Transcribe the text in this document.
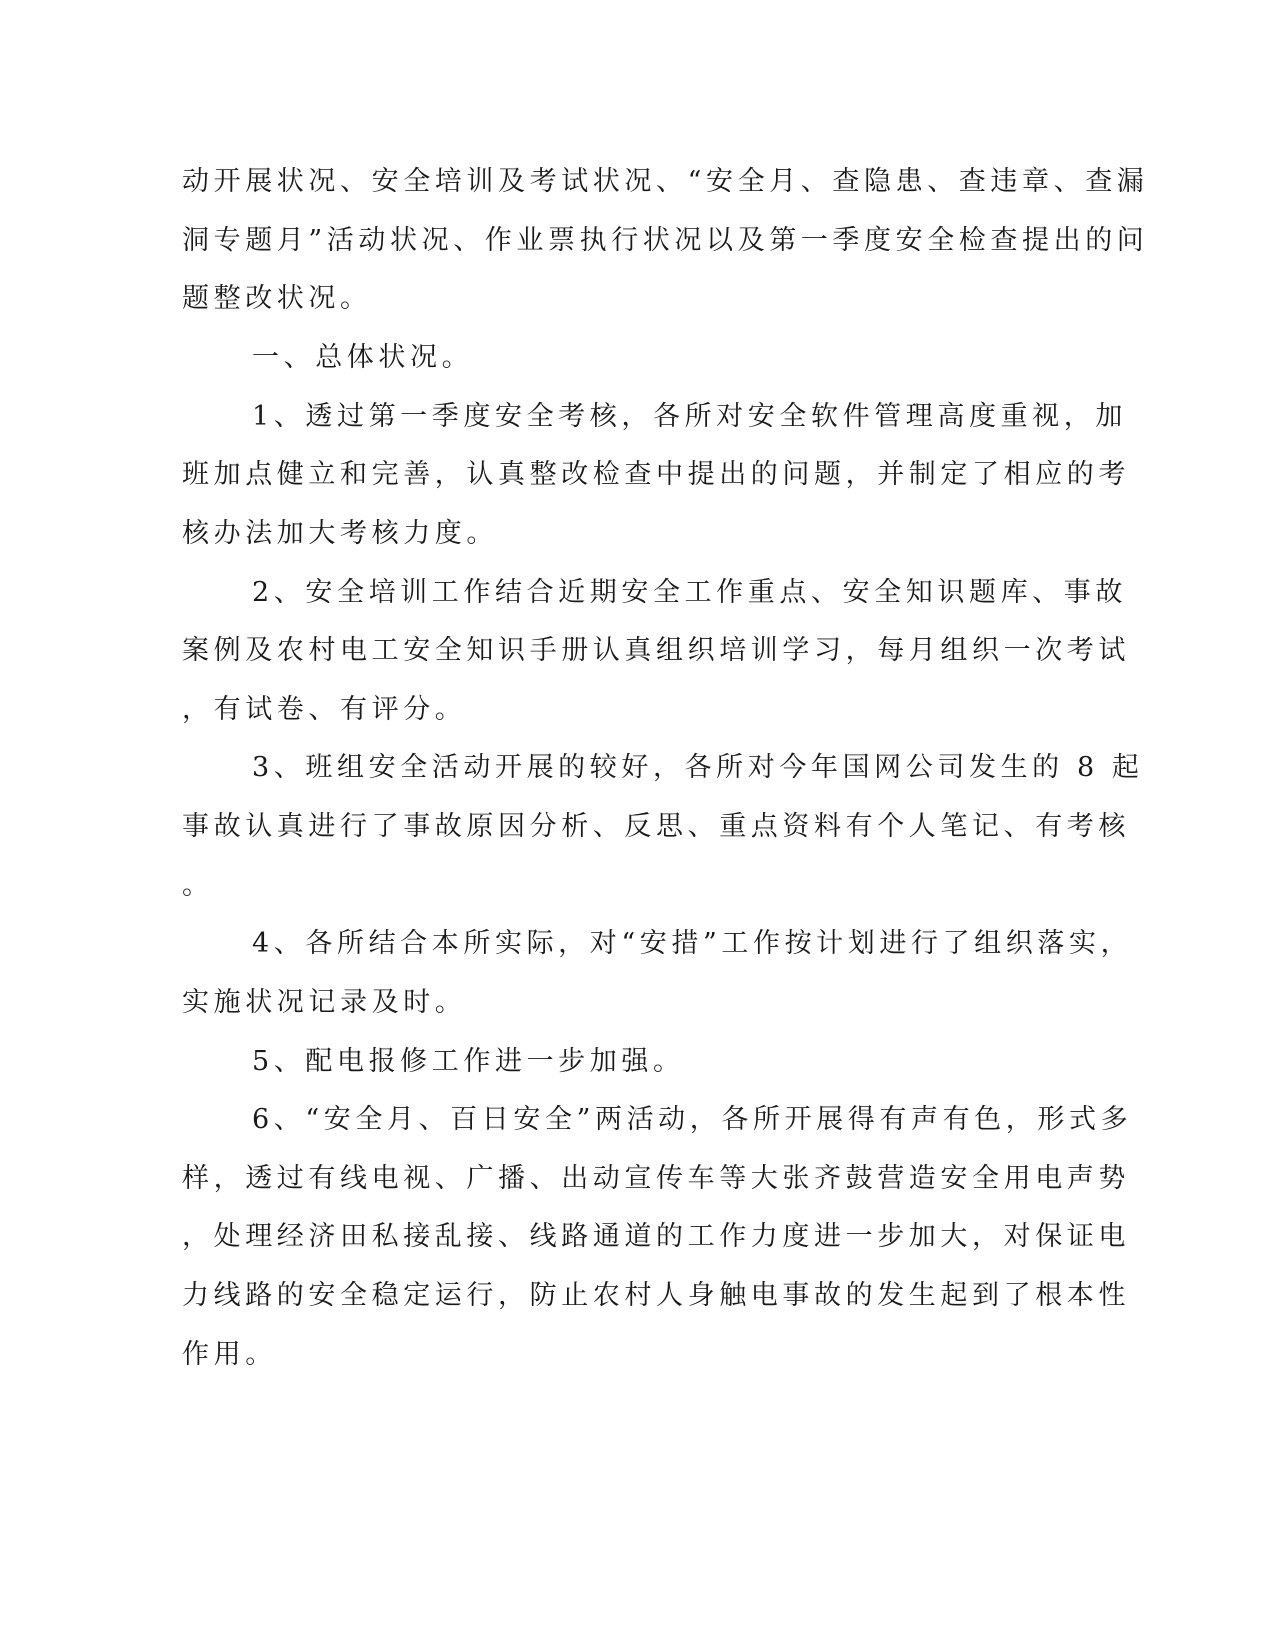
动开展状况、安全培训及考试状况、“安全月、查隐患、查违章、查漏
洞专题月”活动状况、作业票执行状况以及第一季度安全检查提出的问
题整改状况。
一、总体状况。
1、透过第一季度安全考核，各所对安全软件管理高度重视，加
班加点健立和完善，认真整改检查中提出的问题，并制定了相应的考
核办法加大考核力度。
2、安全培训工作结合近期安全工作重点、安全知识题库、事故
案例及农村电工安全知识手册认真组织培训学习，每月组织一次考试
，有试卷、有评分。
3、班组安全活动开展的较好，各所对今年国网公司发生的 8 起
事故认真进行了事故原因分析、反思、重点资料有个人笔记、有考核
。
4、各所结合本所实际，对“安措”工作按计划进行了组织落实，
实施状况记录及时。
5、配电报修工作进一步加强。
6、“安全月、百日安全”两活动，各所开展得有声有色，形式多
样，透过有线电视、广播、出动宣传车等大张齐鼓营造安全用电声势
，处理经济田私接乱接、线路通道的工作力度进一步加大，对保证电
力线路的安全稳定运行，防止农村人身触电事故的发生起到了根本性
作用。
